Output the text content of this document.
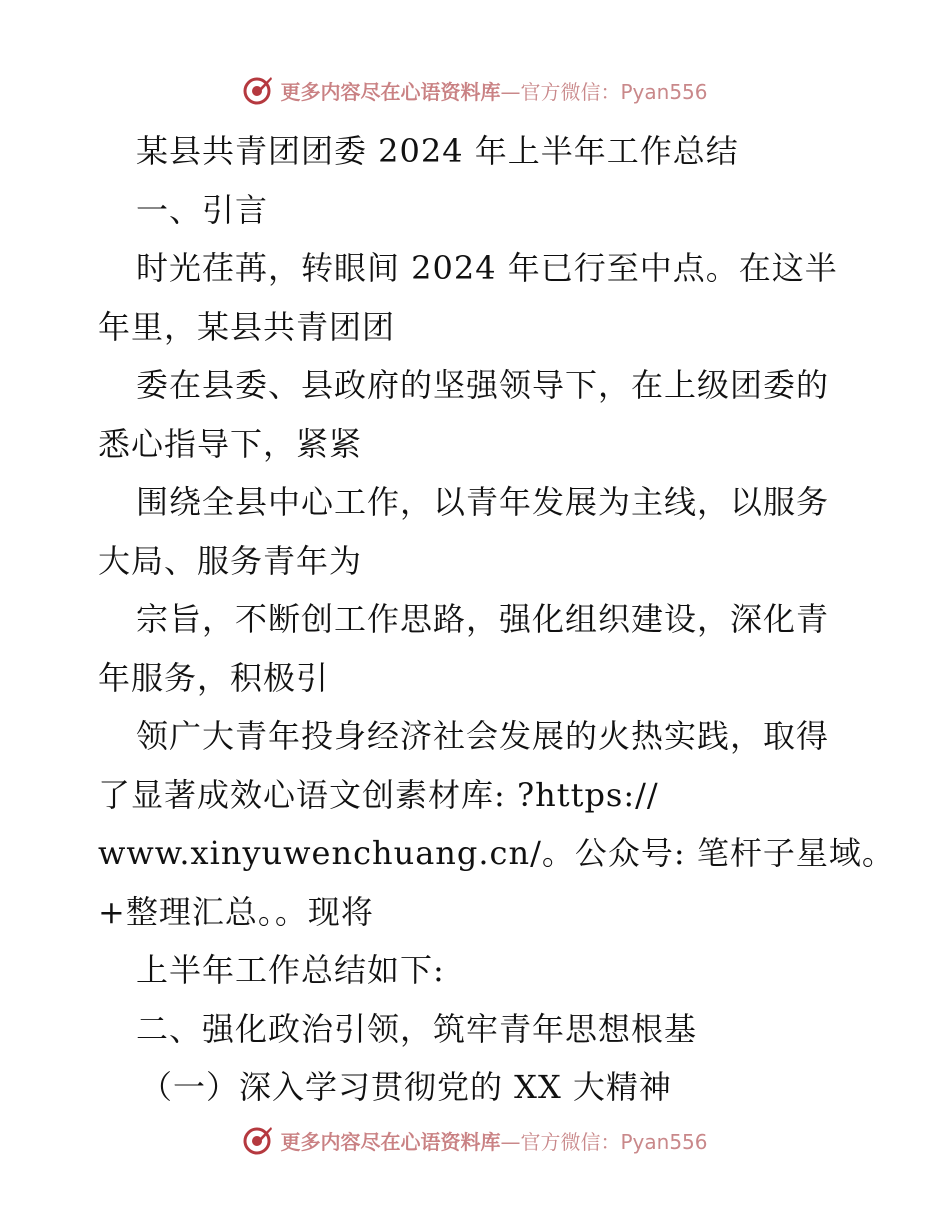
更多内容尽在心语资料库—官方微信：Pyan556
某县共青团团委 2024 年上半年工作总结
一、引言
时光荏苒，转眼间 2024 年已行至中点。在这半
年里，某县共青团团
委在县委、县政府的坚强领导下，在上级团委的
悉心指导下，紧紧
围绕全县中心工作，以青年发展为主线，以服务
大局、服务青年为
宗旨，不断创工作思路，强化组织建设，深化青
年服务，积极引
领广大青年投身经济社会发展的火热实践，取得
了显著成效心语文创素材库: ?https://
www.xinyuwenchuang.cn/。公众号: 笔杆子星域。
+整理汇总。。现将
上半年工作总结如下:
二、强化政治引领，筑牢青年思想根基
（一）深入学习贯彻党的 XX 大精神
更多内容尽在心语资料库—官方微信：Pyan556
